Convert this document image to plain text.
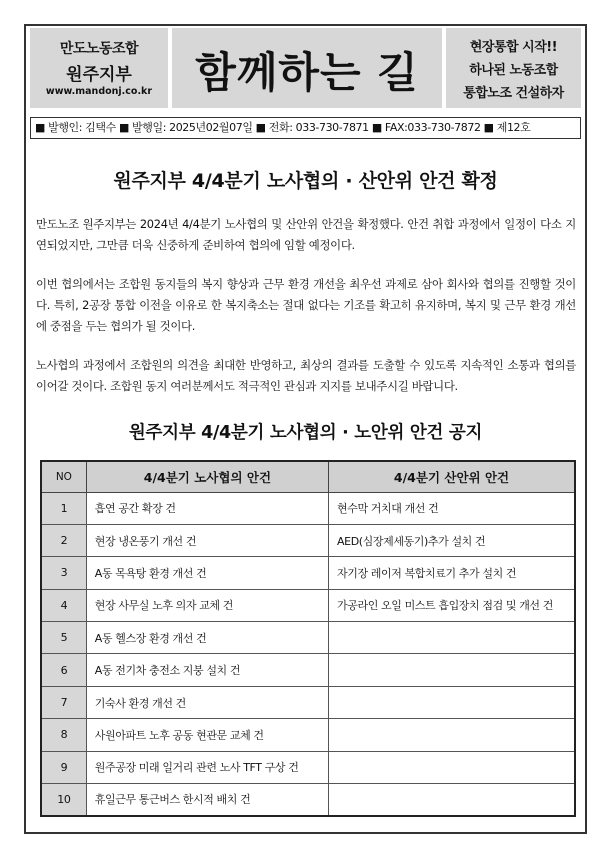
만도노동조합
원주지부
www.mandonj.co.kr	함께하는 길
현장통합 시작!!
하나된 노동조합
통합노조 건설하자
■ 발행인: 김택수 ■ 발행일: 2025년02월07일 ■ 전화: 033-730-7871 ■ FAX:033-730-7872 ■ 제12호
원주지부 4/4분기 노사협의 · 산안위 안건 확정

만도노조 원주지부는 2024년 4/4분기 노사협의 및 산안위 안건을 확정했다. 안건 취합 과정에서 일정이 다소 지연되었지만, 그만큼 더욱 신중하게 준비하여 협의에 임할 예정이다.

이번 협의에서는 조합원 동지들의 복지 향상과 근무 환경 개선을 최우선 과제로 삼아 회사와 협의를 진행할 것이다. 특히, 2공장 통합 이전을 이유로 한 복지축소는 절대 없다는 기조를 확고히 유지하며, 복지 및 근무 환경 개선에 중점을 두는 협의가 될 것이다.

노사협의 과정에서 조합원의 의견을 최대한 반영하고, 최상의 결과를 도출할 수 있도록 지속적인 소통과 협의를 이어갈 것이다. 조합원 동지 여러분께서도 적극적인 관심과 지지를 보내주시길 바랍니다.

원주지부 4/4분기 노사협의 · 노안위 안건 공지
NO	4/4분기 노사협의 안건	4/4분기 산안위 안건
1	흡연 공간 확장 건	현수막 거치대 개선 건
2	현장 냉온풍기 개선 건	AED(심장제세동기)추가 설치 건
3	A동 목욕탕 환경 개선 건	자기장 레이저 복합치료기 추가 설치 건
4	현장 사무실 노후 의자 교체 건	가공라인 오일 미스트 흡입장치 점검 및 개선 건
5	A동 헬스장 환경 개선 건	
6	A동 전기차 충전소 지붕 설치 건	
7	기숙사 환경 개선 건	
8	사원아파트 노후 공동 현관문 교체 건	
9	원주공장 미래 일거리 관련 노사 TFT 구상 건	
10	휴일근무 통근버스 한시적 배치 건	
